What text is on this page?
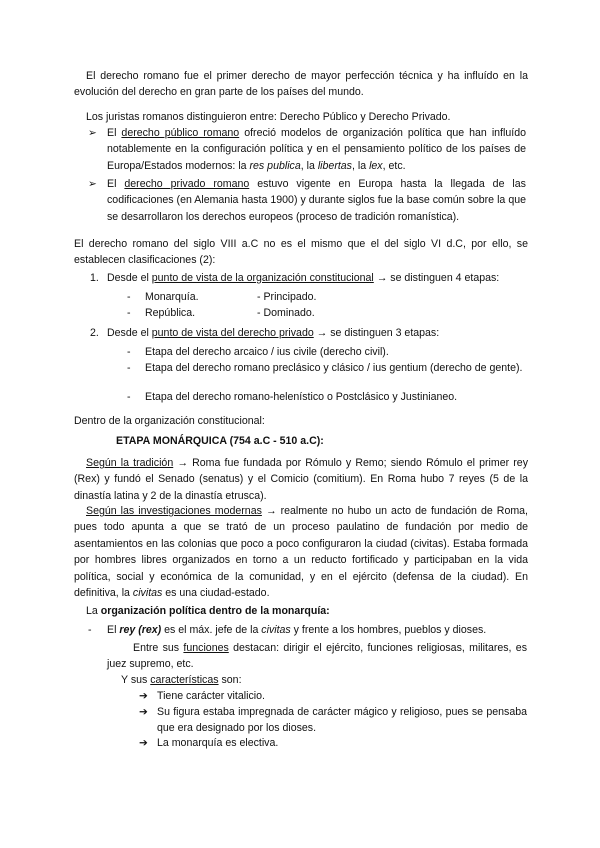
El derecho romano fue el primer derecho de mayor perfección técnica y ha influído en la evolución del derecho en gran parte de los países del mundo.

Los juristas romanos distinguieron entre: Derecho Público y Derecho Privado.

➢ El derecho público romano ofreció modelos de organización política que han influído notablemente en la configuración política y en el pensamiento político de los países de Europa/Estados modernos: la res publica, la libertas, la lex, etc.

➢ El derecho privado romano estuvo vigente en Europa hasta la llegada de las codificaciones (en Alemania hasta 1900) y durante siglos fue la base común sobre la que se desarrollaron los derechos europeos (proceso de tradición romanística).

El derecho romano del siglo VIII a.C no es el mismo que el del siglo VI d.C, por ello, se establecen clasificaciones (2):

1. Desde el punto de vista de la organización constitucional → se distinguen 4 etapas:
- Monarquía.	- Principado.
- República.	- Dominado.
2. Desde el punto de vista del derecho privado → se distinguen 3 etapas:
- Etapa del derecho arcaico / ius civile (derecho civil).

- Etapa del derecho romano preclásico y clásico / ius gentium (derecho de gente).

- Etapa del derecho romano-helenístico o Postclásico y Justinianeo.

Dentro de la organización constitucional:

ETAPA MONÁRQUICA (754 a.C - 510 a.C):

Según la tradición → Roma fue fundada por Rómulo y Remo; siendo Rómulo el primer rey (Rex) y fundó el Senado (senatus) y el Comicio (comitium). En Roma hubo 7 reyes (5 de la dinastía latina y 2 de la dinastía etrusca).

Según las investigaciones modernas → realmente no hubo un acto de fundación de Roma, pues todo apunta a que se trató de un proceso paulatino de fundación por medio de asentamientos en las colonias que poco a poco configuraron la ciudad (civitas). Estaba formada por hombres libres organizados en torno a un reducto fortificado y participaban en la vida política, social y económica de la comunidad, y en el ejército (defensa de la ciudad). En definitiva, la civitas es una ciudad-estado.

La organización política dentro de la monarquía:

- El rey (rex) es el máx. jefe de la civitas y frente a los hombres, pueblos y dioses.

Entre sus funciones destacan: dirigir el ejército, funciones religiosas, militares, es juez supremo, etc.

Y sus características son:

➔ Tiene carácter vitalicio.

➔ Su figura estaba impregnada de carácter mágico y religioso, pues se pensaba que era designado por los dioses.

➔ La monarquía es electiva.
